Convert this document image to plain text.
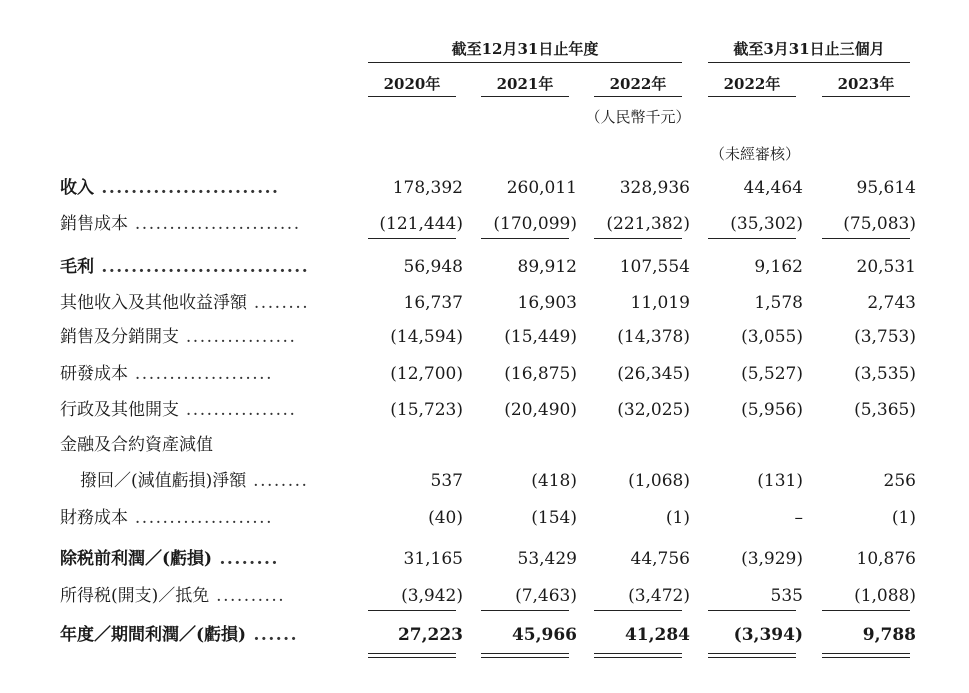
截至12月31日止年度	截至3月31日止三個月
2020年	2021年	2022年	2022年	2023年
（人民幣千元）
（未經審核）
收入 ........................	178,392	260,011	328,936	44,464	95,614
銷售成本 ........................	(121,444)	(170,099)	(221,382)	(35,302)	(75,083)
毛利 ............................	56,948	89,912	107,554	9,162	20,531
其他收入及其他收益淨額 ........	16,737	16,903	11,019	1,578	2,743
銷售及分銷開支 ................	(14,594)	(15,449)	(14,378)	(3,055)	(3,753)
研發成本 ....................	(12,700)	(16,875)	(26,345)	(5,527)	(3,535)
行政及其他開支 ................	(15,723)	(20,490)	(32,025)	(5,956)	(5,365)
金融及合約資產減值
撥回／(減值虧損)淨額 ........	537	(418)	(1,068)	(131)	256
財務成本 ....................	(40)	(154)	(1)	–	(1)
除税前利潤／(虧損) ........	31,165	53,429	44,756	(3,929)	10,876
所得税(開支)／抵免 ..........	(3,942)	(7,463)	(3,472)	535	(1,088)
年度／期間利潤／(虧損) ......	27,223	45,966	41,284	(3,394)	9,788
